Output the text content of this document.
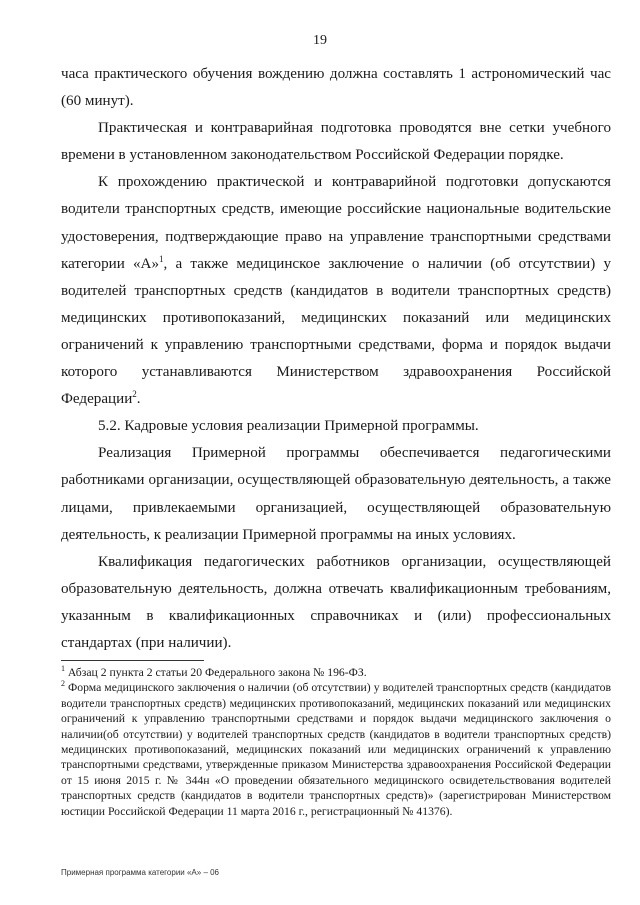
19

часа практического обучения вождению должна составлять 1 астрономический час (60 минут).

Практическая и контраварийная подготовка проводятся вне сетки учебного времени в установленном законодательством Российской Федерации порядке.

К прохождению практической и контраварийной подготовки допускаются водители транспортных средств, имеющие российские национальные водительские удостоверения, подтверждающие право на управление транспортными средствами категории «А»$^1$, а также медицинское заключение о наличии (об отсутствии) у водителей транспортных средств (кандидатов в водители транспортных средств) медицинских противопоказаний, медицинских показаний или медицинских ограничений к управлению транспортными средствами, форма и порядок выдачи которого устанавливаются Министерством здравоохранения Российской Федерации$^2$.

5.2. Кадровые условия реализации Примерной программы.

Реализация Примерной программы обеспечивается педагогическими работниками организации, осуществляющей образовательную деятельность, а также лицами, привлекаемыми организацией, осуществляющей образовательную деятельность, к реализации Примерной программы на иных условиях.

Квалификация педагогических работников организации, осуществляющей образовательную деятельность, должна отвечать квалификационным требованиям, указанным в квалификационных справочниках и (или) профессиональных стандартах (при наличии).

$^1$ Абзац 2 пункта 2 статьи 20 Федерального закона № 196-ФЗ.

$^2$ Форма медицинского заключения о наличии (об отсутствии) у водителей транспортных средств (кандидатов водители транспортных средств) медицинских противопоказаний, медицинских показаний или медицинских ограничений к управлению транспортными средствами и порядок выдачи медицинского заключения о наличии(об отсутствии) у водителей транспортных средств (кандидатов в водители транспортных средств) медицинских противопоказаний, медицинских показаний или медицинских ограничений к управлению транспортными средствами, утвержденные приказом Министерства здравоохранения Российской Федерации от 15 июня 2015 г. № 344н «О проведении обязательного медицинского освидетельствования водителей транспортных средств (кандидатов в водители транспортных средств)» (зарегистрирован Министерством юстиции Российской Федерации 11 марта 2016 г., регистрационный № 41376).

Примерная программа категории «А» – 06
